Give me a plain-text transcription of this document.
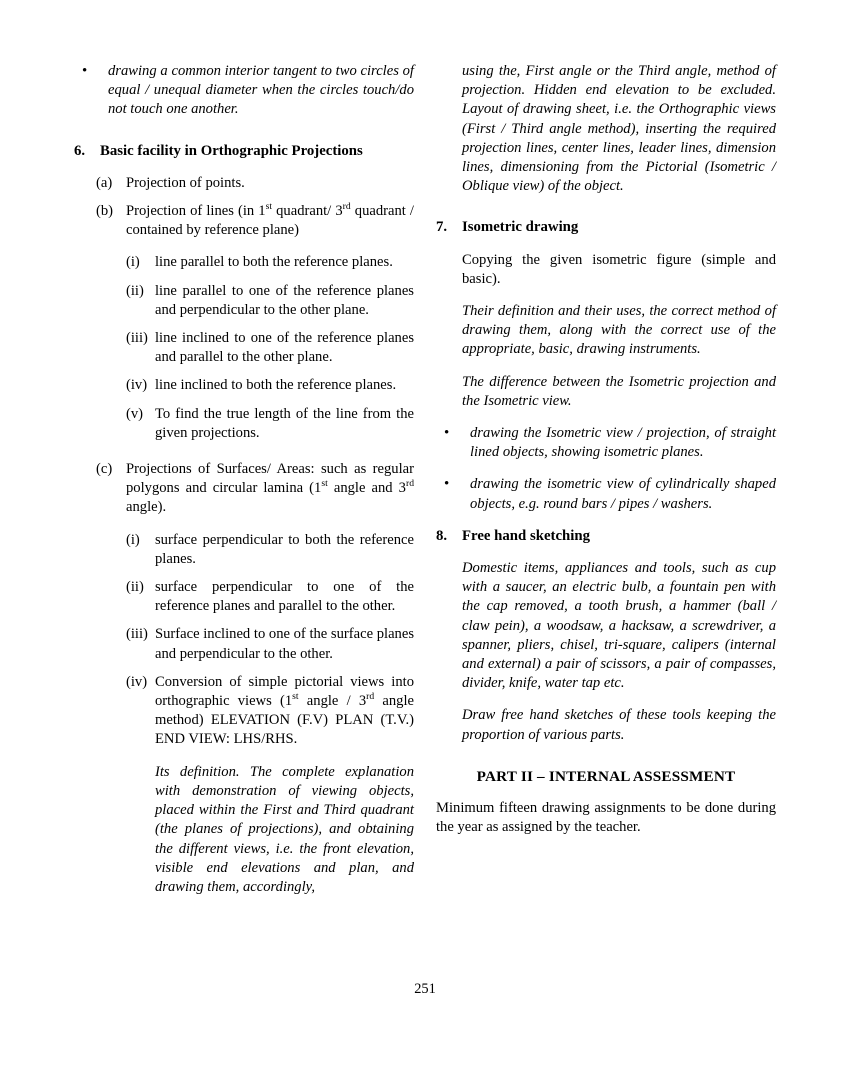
•	drawing a common interior tangent to two circles of equal / unequal diameter when the circles touch/do not touch one another.
6.	Basic facility in Orthographic Projections
(a) Projection of points.
(b) Projection of lines (in 1st quadrant/ 3rd quadrant / contained by reference plane)
(i)	line parallel to both the reference planes.
(ii) line parallel to one of the reference planes and perpendicular to the other plane.
(iii) line inclined to one of the reference planes and parallel to the other plane.
(iv) line inclined to both the reference planes.
(v) To find the true length of the line from the given projections.
(c) Projections of Surfaces/ Areas: such as regular polygons and circular lamina (1st angle and 3rd angle).
(i)	surface perpendicular to both the reference planes.
(ii) surface perpendicular to one of the reference planes and parallel to the other.
(iii) Surface inclined to one of the surface planes and perpendicular to the other.
(iv) Conversion of simple pictorial views into orthographic views (1st angle / 3rd angle method) ELEVATION (F.V) PLAN (T.V.) END VIEW: LHS/RHS.

Its definition. The complete explanation with demonstration of viewing objects, placed within the First and Third quadrant (the planes of projections), and obtaining the different views, i.e. the front elevation, visible end elevations and plan, and drawing them, accordingly,

using the, First angle or the Third angle, method of projection. Hidden end elevation to be excluded. Layout of drawing sheet, i.e. the Orthographic views (First / Third angle method), inserting the required projection lines, center lines, leader lines, dimension lines, dimensioning from the Pictorial (Isometric / Oblique view) of the object.

7.	Isometric drawing

Copying the given isometric figure (simple and basic).

Their definition and their uses, the correct method of drawing them, along with the correct use of the appropriate, basic, drawing instruments.

The difference between the Isometric projection and the Isometric view.

•	drawing the Isometric view / projection, of straight lined objects, showing isometric planes.
•	drawing the isometric view of cylindrically shaped objects, e.g. round bars / pipes / washers.
8.	Free hand sketching

Domestic items, appliances and tools, such as cup with a saucer, an electric bulb, a fountain pen with the cap removed, a tooth brush, a hammer (ball / claw pein), a woodsaw, a hacksaw, a screwdriver, a spanner, pliers, chisel, tri-square, calipers (internal and external) a pair of scissors, a pair of compasses, divider, knife, water tap etc.

Draw free hand sketches of these tools keeping the proportion of various parts.

PART II – INTERNAL ASSESSMENT

Minimum fifteen drawing assignments to be done during the year as assigned by the teacher.

251
